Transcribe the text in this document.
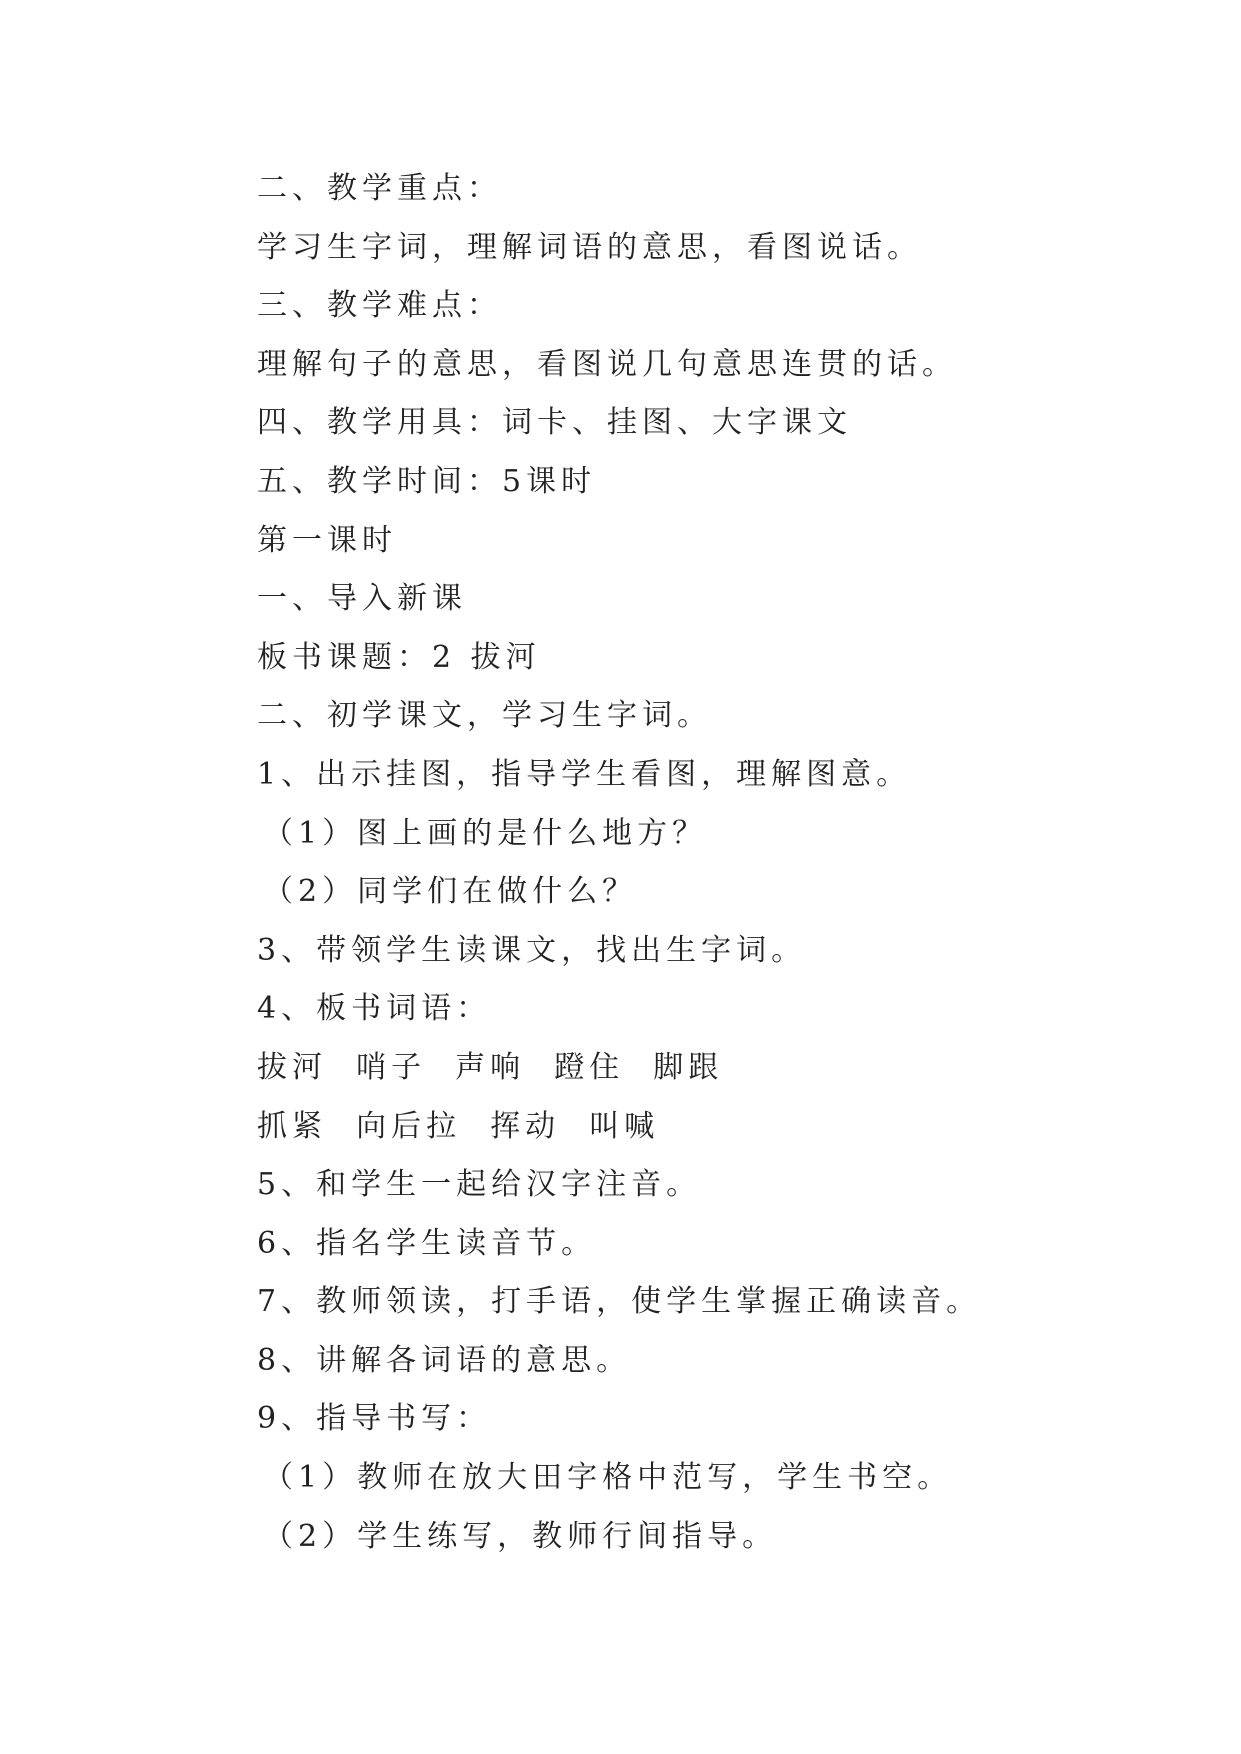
二、教学重点：
学习生字词，理解词语的意思，看图说话。
三、教学难点：
理解句子的意思，看图说几句意思连贯的话。
四、教学用具：词卡、挂图、大字课文
五、教学时间：5课时
第一课时
一、导入新课
板书课题：2 拔河
二、初学课文，学习生字词。
1、出示挂图，指导学生看图，理解图意。
（1）图上画的是什么地方？
（2）同学们在做什么？
3、带领学生读课文，找出生字词。
4、板书词语：
拔河  哨子  声响  蹬住  脚跟
抓紧  向后拉  挥动  叫喊
5、和学生一起给汉字注音。
6、指名学生读音节。
7、教师领读，打手语，使学生掌握正确读音。
8、讲解各词语的意思。
9、指导书写：
（1）教师在放大田字格中范写，学生书空。
（2）学生练写，教师行间指导。
